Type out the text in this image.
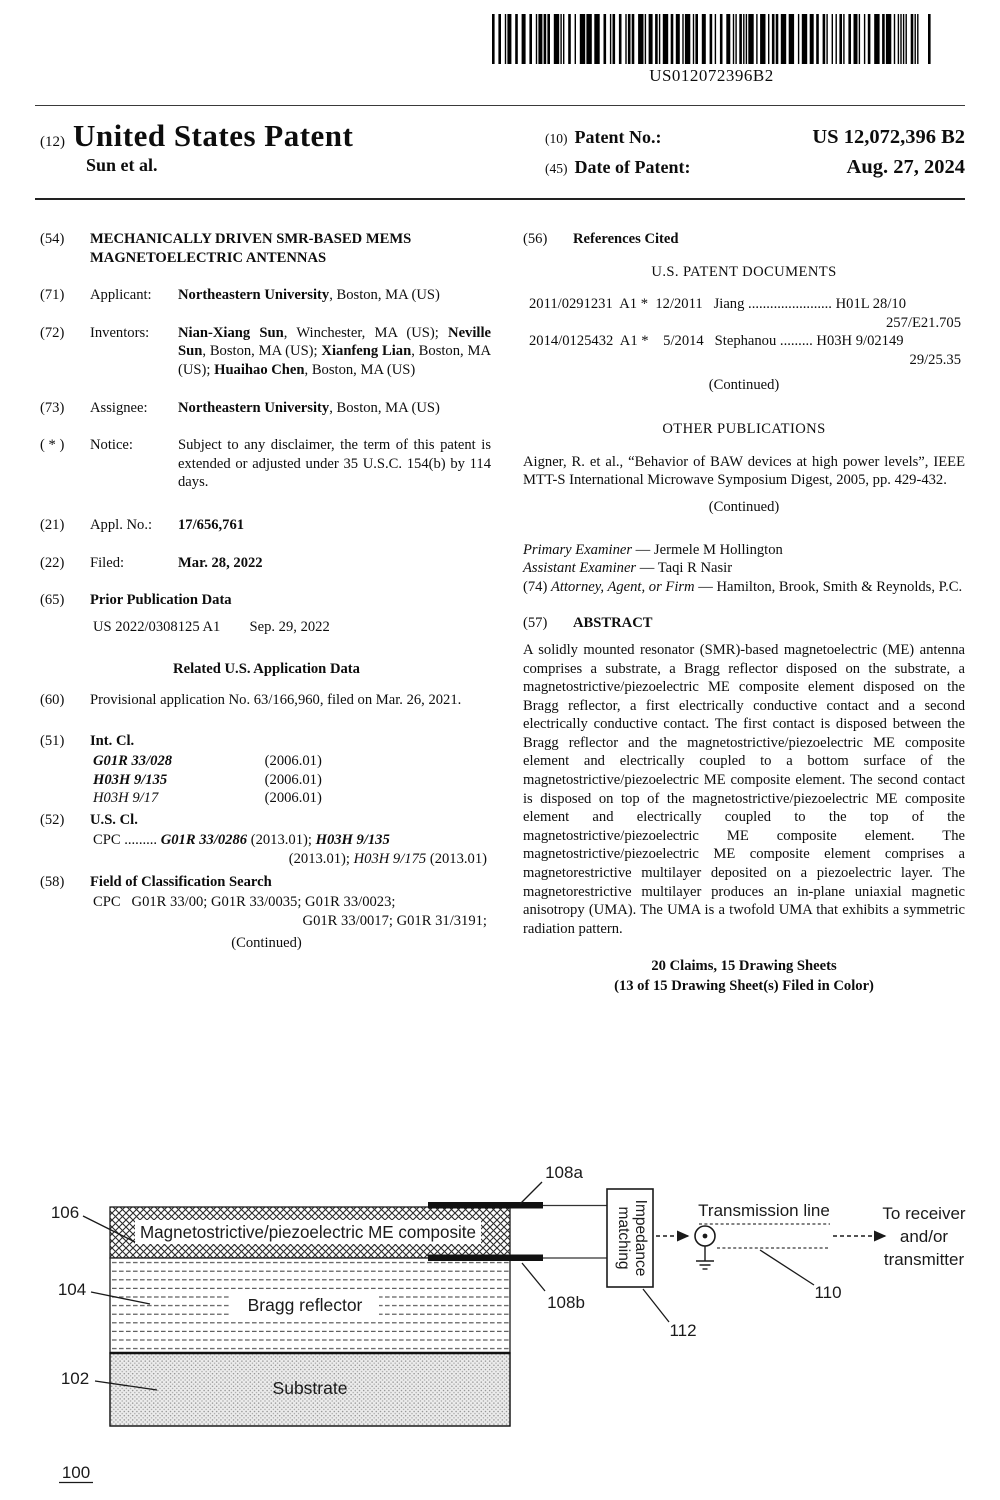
US012072396B2
(12) United States Patent
Sun et al.
(10) Patent No.:	US 12,072,396 B2
(45) Date of Patent:	Aug. 27, 2024
(54)	MECHANICALLY DRIVEN SMR-BASED MEMS MAGNETOELECTRIC ANTENNAS
(71)	Applicant:	Northeastern University, Boston, MA (US)
(72)	Inventors:	Nian-Xiang Sun, Winchester, MA (US); Neville Sun, Boston, MA (US); Xianfeng Lian, Boston, MA (US); Huaihao Chen, Boston, MA (US)
(73)	Assignee:	Northeastern University, Boston, MA (US)
( * )	Notice:	Subject to any disclaimer, the term of this patent is extended or adjusted under 35 U.S.C. 154(b) by 114 days.
(21)	Appl. No.:	17/656,761
(22)	Filed:	Mar. 28, 2022
(65)	Prior Publication Data
US 2022/0308125 A1        Sep. 29, 2022
Related U.S. Application Data
(60)	Provisional application No. 63/166,960, filed on Mar. 26, 2021.
(51)	Int. Cl.
G01R 33/028	(2006.01)
H03H 9/135	(2006.01)
H03H 9/17	(2006.01)
(52)	U.S. Cl.
CPC ......... G01R 33/0286 (2013.01); H03H 9/135
(2013.01); H03H 9/175 (2013.01)
(58)	Field of Classification Search
CPC   G01R 33/00; G01R 33/0035; G01R 33/0023;
G01R 33/0017; G01R 31/3191;
(Continued)
(56)	References Cited
U.S. PATENT DOCUMENTS
2011/0291231  A1 *  12/2011   Jiang ....................... H01L 28/10
257/E21.705
2014/0125432  A1 *    5/2014   Stephanou ......... H03H 9/02149
29/25.35
(Continued)
OTHER PUBLICATIONS
Aigner, R. et al., “Behavior of BAW devices at high power levels”, IEEE MTT-S International Microwave Symposium Digest, 2005, pp. 429-432.
(Continued)
Primary Examiner — Jermele M Hollington
Assistant Examiner — Taqi R Nasir
(74) Attorney, Agent, or Firm — Hamilton, Brook, Smith & Reynolds, P.C.
(57)	ABSTRACT
A solidly mounted resonator (SMR)-based magnetoelectric (ME) antenna comprises a substrate, a Bragg reflector disposed on the substrate, a magnetostrictive/piezoelectric ME composite element disposed on the Bragg reflector, a first electrically conductive contact and a second electrically conductive contact. The first contact is disposed between the Bragg reflector and the magnetostrictive/piezoelectric ME composite element and electrically coupled to a bottom surface of the magnetostrictive/piezoelectric ME composite element. The second contact is disposed on top of the magnetostrictive/piezoelectric ME composite element and electrically coupled to the top of the magnetostrictive/piezoelectric ME composite element. The magnetostrictive/piezoelectric ME composite element comprises a magnetorestrictive multilayer deposited on a piezoelectric layer. The magnetorestrictive multilayer produces an in-plane uniaxial magnetic anisotropy (UMA). The UMA is a twofold UMA that exhibits a symmetric radiation pattern.
20 Claims, 15 Drawing Sheets
(13 of 15 Drawing Sheet(s) Filed in Color)
Magnetostrictive/piezoelectric ME composite
Bragg reflector
Substrate
matching Impedance	Transmission line	To receiver
and/or
transmitter
106
104
102
100
108a
108b
110
112
